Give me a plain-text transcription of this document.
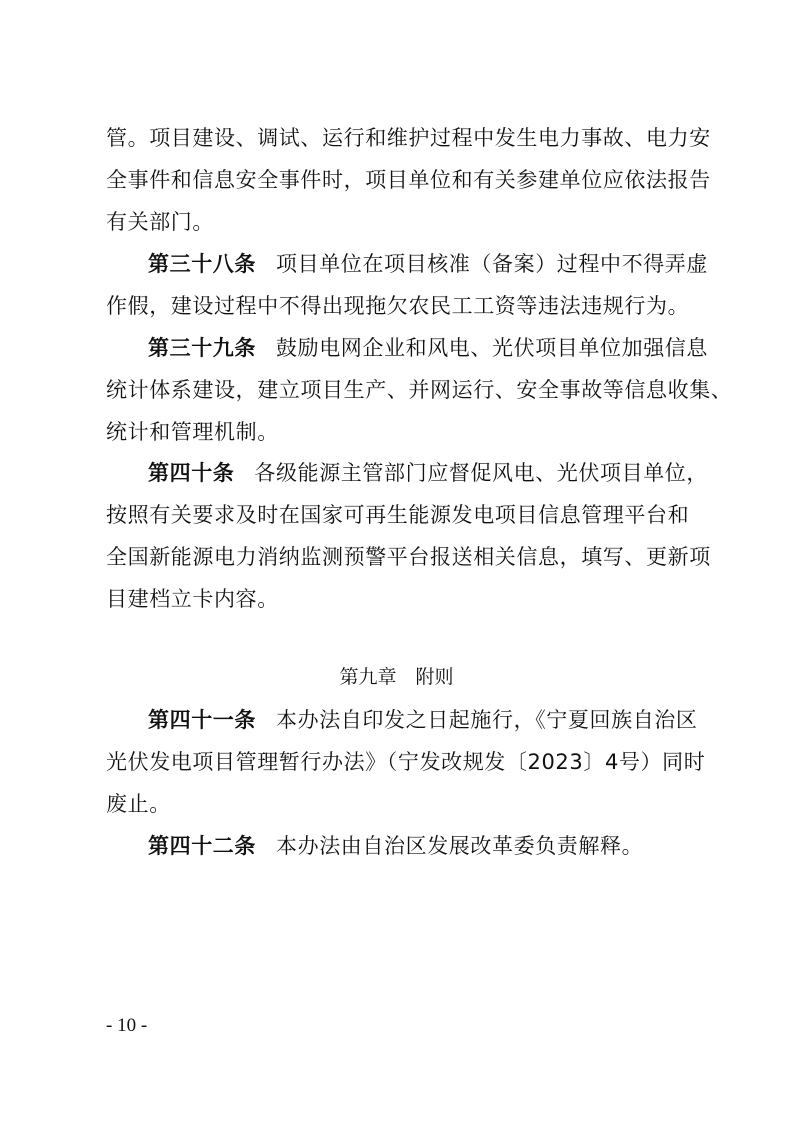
管。项目建设、调试、运行和维护过程中发生电力事故、电力安
全事件和信息安全事件时，项目单位和有关参建单位应依法报告
有关部门。
第三十八条 项目单位在项目核准（备案）过程中不得弄虚
作假，建设过程中不得出现拖欠农民工工资等违法违规行为。
第三十九条 鼓励电网企业和风电、光伏项目单位加强信息
统计体系建设，建立项目生产、并网运行、安全事故等信息收集、
统计和管理机制。
第四十条 各级能源主管部门应督促风电、光伏项目单位，
按照有关要求及时在国家可再生能源发电项目信息管理平台和
全国新能源电力消纳监测预警平台报送相关信息，填写、更新项
目建档立卡内容。
第九章　附则
第四十一条 本办法自印发之日起施行，《宁夏回族自治区
光伏发电项目管理暂行办法》（宁发改规发〔2023〕4号）同时
废止。
第四十二条 本办法由自治区发展改革委负责解释。
- 10 -
